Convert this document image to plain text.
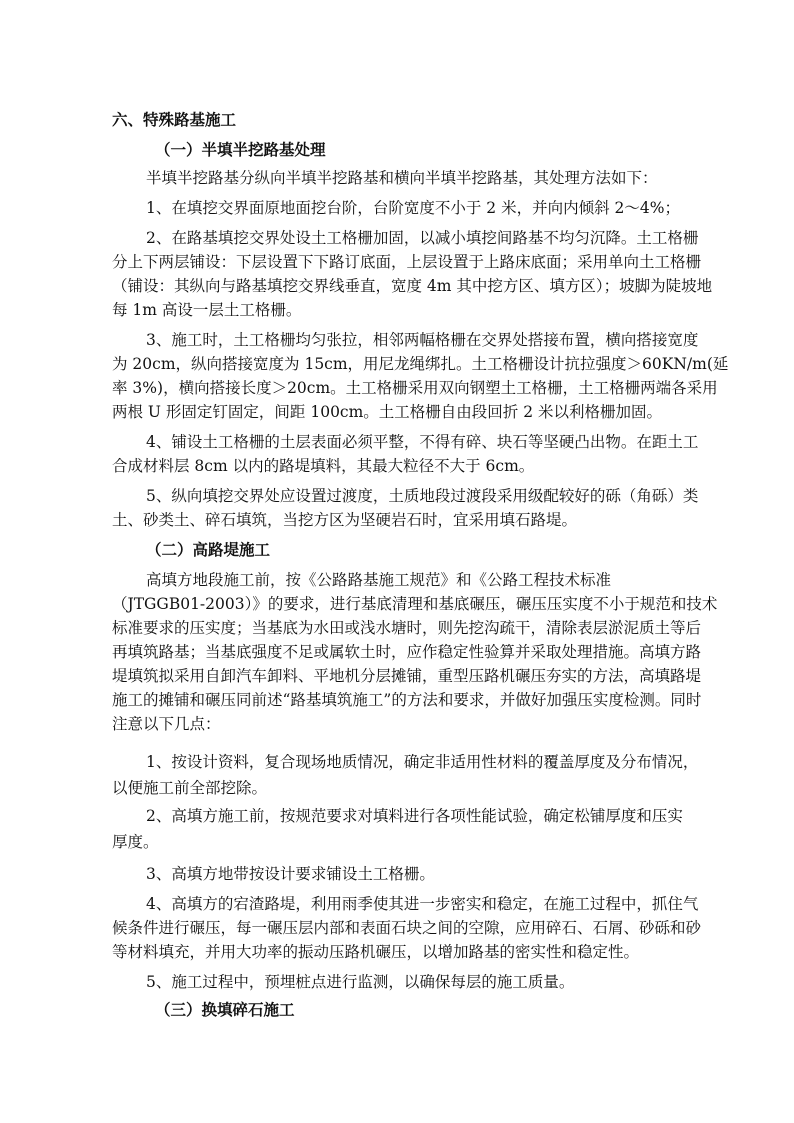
六、特殊路基施工

（一）半填半挖路基处理

半填半挖路基分纵向半填半挖路基和横向半填半挖路基，其处理方法如下：

1、在填挖交界面原地面挖台阶，台阶宽度不小于 2 米，并向内倾斜 2～4%；

2、在路基填挖交界处设土工格栅加固，以减小填挖间路基不均匀沉降。土工格栅

分上下两层铺设：下层设置下下路订底面，上层设置于上路床底面；采用单向土工格栅

（铺设：其纵向与路基填挖交界线垂直，宽度 4m 其中挖方区、填方区）；坡脚为陡坡地

每 1m 高设一层土工格栅。

3、施工时，土工格栅均匀张拉，相邻两幅格栅在交界处搭接布置，横向搭接宽度

为 20cm，纵向搭接宽度为 15cm，用尼龙绳绑扎。土工格栅设计抗拉强度＞60KN/m(延

率 3%)，横向搭接长度＞20cm。土工格栅采用双向钢塑土工格栅，土工格栅两端各采用

两根 U 形固定钉固定，间距 100cm。土工格栅自由段回折 2 米以利格栅加固。

4、铺设土工格栅的土层表面必须平整，不得有碎、块石等坚硬凸出物。在距土工

合成材料层 8cm 以内的路堤填料，其最大粒径不大于 6cm。

5、纵向填挖交界处应设置过渡度，土质地段过渡段采用级配较好的砾（角砾）类

土、砂类土、碎石填筑，当挖方区为坚硬岩石时，宜采用填石路堤。

（二）高路堤施工

高填方地段施工前，按《公路路基施工规范》和《公路工程技术标准

（JTGGB01-2003）》的要求，进行基底清理和基底碾压，碾压压实度不小于规范和技术

标准要求的压实度；当基底为水田或浅水塘时，则先挖沟疏干，清除表层淤泥质土等后

再填筑路基；当基底强度不足或属软土时，应作稳定性验算并采取处理措施。高填方路

堤填筑拟采用自卸汽车卸料、平地机分层摊铺，重型压路机碾压夯实的方法，高填路堤

施工的摊铺和碾压同前述“路基填筑施工”的方法和要求，并做好加强压实度检测。同时

注意以下几点：

1、按设计资料，复合现场地质情况，确定非适用性材料的覆盖厚度及分布情况，

以便施工前全部挖除。

2、高填方施工前，按规范要求对填料进行各项性能试验，确定松铺厚度和压实

厚度。

3、高填方地带按设计要求铺设土工格栅。

4、高填方的宕渣路堤，利用雨季使其进一步密实和稳定，在施工过程中，抓住气

候条件进行碾压，每一碾压层内部和表面石块之间的空隙，应用碎石、石屑、砂砾和砂

等材料填充，并用大功率的振动压路机碾压，以增加路基的密实性和稳定性。

5、施工过程中，预埋桩点进行监测，以确保每层的施工质量。

（三）换填碎石施工
